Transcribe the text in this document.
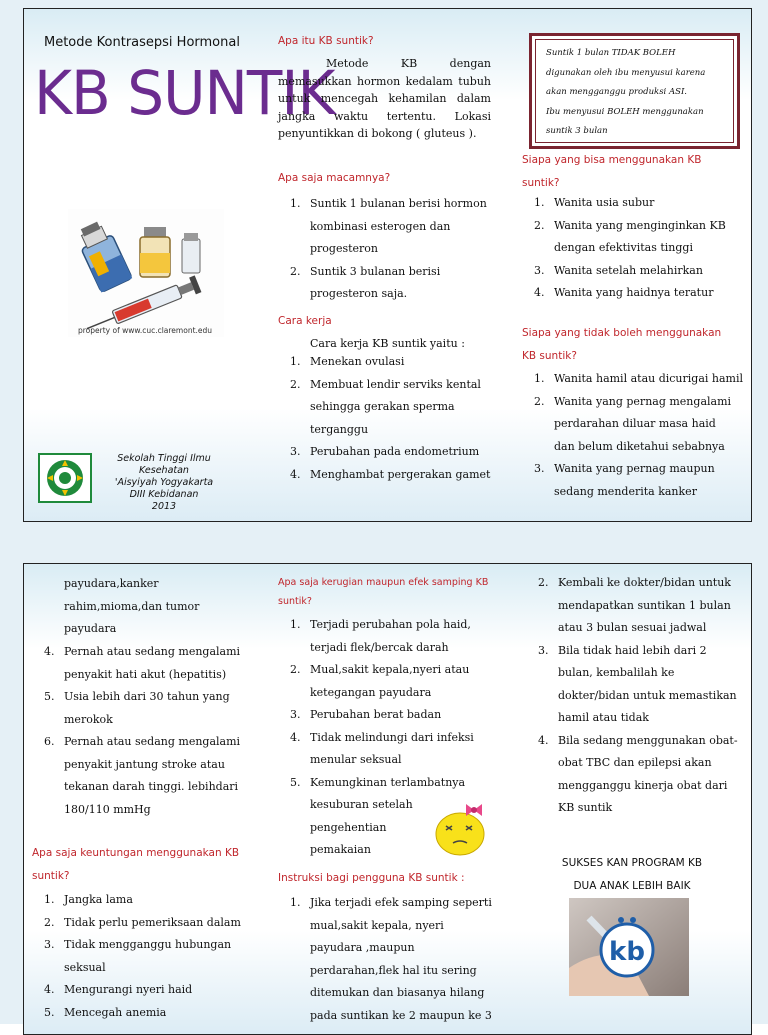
Metode Kontrasepsi Hormonal
KB SUNTIK
property of www.cuc.claremont.edu
Sekolah Tinggi Ilmu Kesehatan
'Aisyiyah Yogyakarta
DIII Kebidanan
2013
Apa itu KB suntik?
Metode KB dengan memasukkan hormon kedalam tubuh untuk mencegah kehamilan dalam jangka waktu tertentu. Lokasi penyuntikkan di bokong ( gluteus ).
Apa saja macamnya?
1. Suntik 1 bulanan berisi hormon
kombinasi esterogen dan
progesteron
2. Suntik 3 bulanan berisi
progesteron saja.
Cara kerja
Cara kerja KB suntik yaitu :
1. Menekan ovulasi
2. Membuat lendir serviks kental
sehingga gerakan sperma
terganggu
3. Perubahan pada endometrium
4. Menghambat pergerakan gamet
Suntik 1 bulan TIDAK BOLEH
digunakan oleh ibu menyusui karena
akan mengganggu produksi ASI.
Ibu menyusui BOLEH menggunakan
suntik 3 bulan
Siapa yang bisa menggunakan KB suntik?
1. Wanita usia subur
2. Wanita yang menginginkan KB
dengan efektivitas tinggi
3. Wanita setelah melahirkan
4. Wanita yang haidnya teratur
Siapa yang tidak boleh menggunakan KB suntik?
1. Wanita hamil atau dicurigai hamil
2. Wanita yang pernag mengalami
perdarahan diluar masa haid
dan belum diketahui sebabnya
3. Wanita yang pernag maupun
sedang menderita kanker
payudara,kanker
rahim,mioma,dan tumor
payudara
4. Pernah atau sedang mengalami
penyakit hati akut (hepatitis)
5. Usia lebih dari 30 tahun yang
merokok
6. Pernah atau sedang mengalami
penyakit jantung stroke atau
tekanan darah tinggi. lebihdari
180/110 mmHg
Apa saja keuntungan menggunakan KB suntik?
1. Jangka lama
2. Tidak perlu pemeriksaan dalam
3. Tidak mengganggu hubungan
seksual
4. Mengurangi nyeri haid
5. Mencegah anemia
Apa saja kerugian maupun efek samping KB suntik?
1. Terjadi perubahan pola haid,
terjadi flek/bercak darah
2. Mual,sakit kepala,nyeri atau
ketegangan payudara
3. Perubahan berat badan
4. Tidak melindungi dari infeksi
menular seksual
5. Kemungkinan terlambatnya
kesuburan setelah
pengehentian
pemakaian
Instruksi bagi pengguna KB suntik :
1. Jika terjadi efek samping seperti
mual,sakit kepala, nyeri
payudara ,maupun
perdarahan,flek hal itu sering
ditemukan dan biasanya hilang
pada suntikan ke 2 maupun ke 3
2. Kembali ke dokter/bidan untuk
mendapatkan suntikan 1 bulan
atau 3 bulan sesuai jadwal
3. Bila tidak haid lebih dari 2
bulan, kembalilah ke
dokter/bidan untuk memastikan
hamil atau tidak
4. Bila sedang menggunakan obat-
obat TBC dan epilepsi akan
mengganggu kinerja obat dari
KB suntik
SUKSES KAN PROGRAM KB
DUA ANAK LEBIH BAIK
kb
